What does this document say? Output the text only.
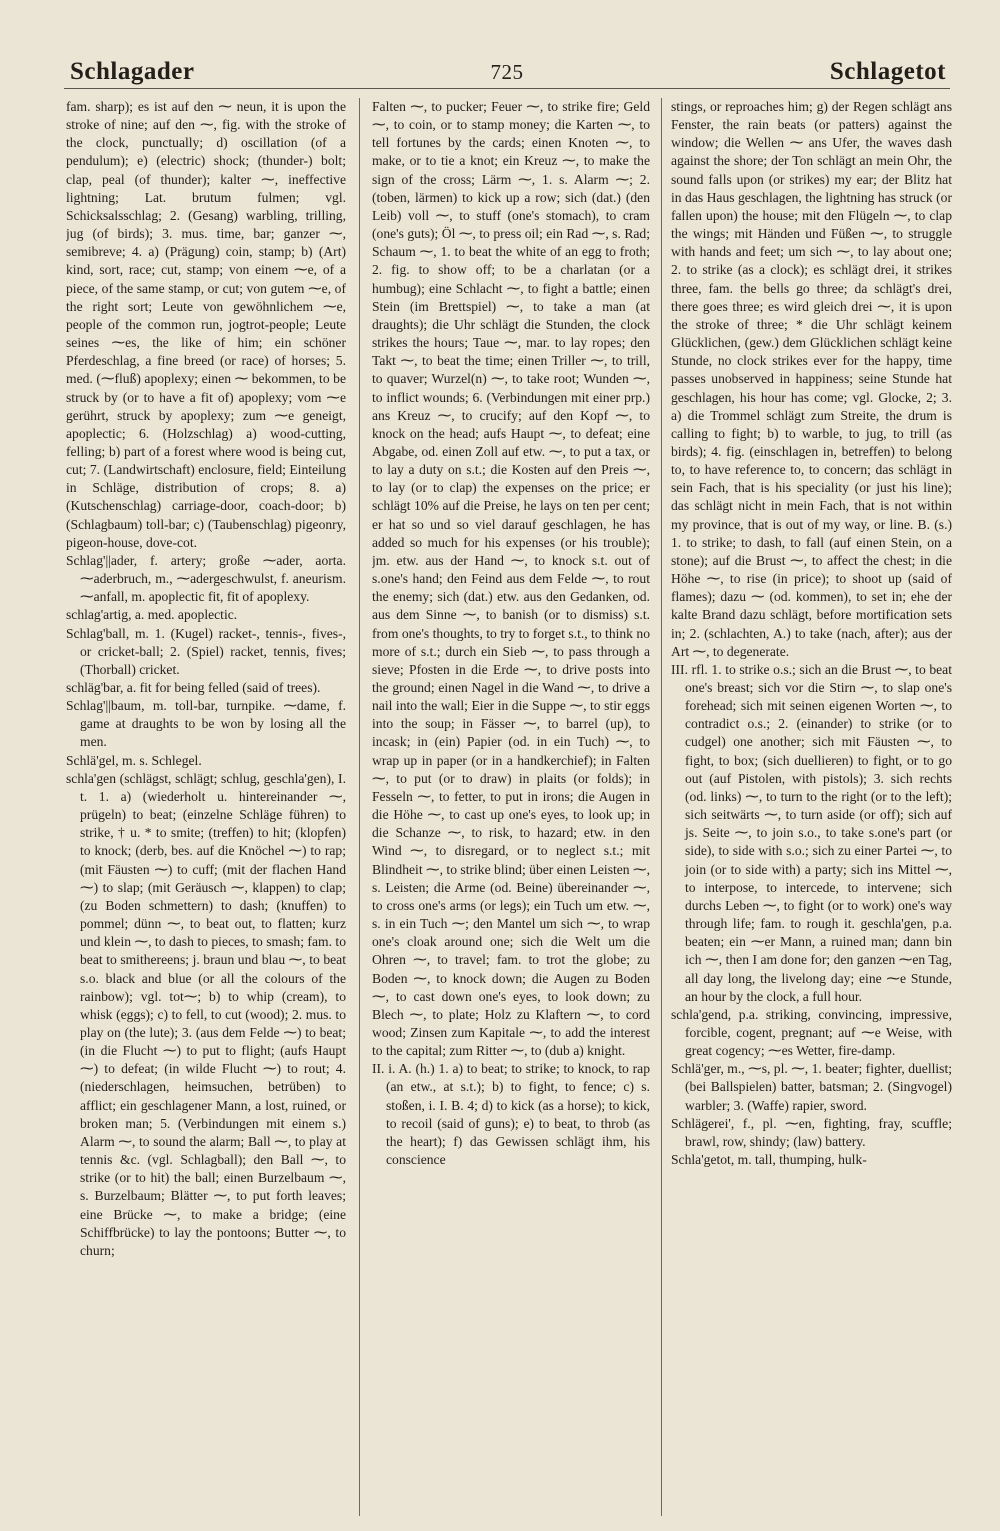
Schlagader	725	Schlagetot

fam. sharp); es ist auf den ⁓ neun, it is upon the stroke of nine; auf den ⁓, fig. with the stroke of the clock, punctually; d) oscillation (of a pendulum); e) (electric) shock; (thunder-) bolt; clap, peal (of thunder); kalter ⁓, ineffective lightning; Lat. brutum fulmen; vgl. Schicksalsschlag; 2. (Gesang) warbling, trilling, jug (of birds); 3. mus. time, bar; ganzer ⁓, semibreve; 4. a) (Prägung) coin, stamp; b) (Art) kind, sort, race; cut, stamp; von einem ⁓e, of a piece, of the same stamp, or cut; von gutem ⁓e, of the right sort; Leute von gewöhnlichem ⁓e, people of the common run, jogtrot-people; Leute seines ⁓es, the like of him; ein schöner Pferdeschlag, a fine breed (or race) of horses; 5. med. (⁓fluß) apoplexy; einen ⁓ bekommen, to be struck by (or to have a fit of) apoplexy; vom ⁓e gerührt, struck by apoplexy; zum ⁓e geneigt, apoplectic; 6. (Holzschlag) a) wood-cutting, felling; b) part of a forest where wood is being cut, cut; 7. (Landwirtschaft) enclosure, field; Einteilung in Schläge, distribution of crops; 8. a) (Kutschenschlag) carriage-door, coach-door; b) (Schlagbaum) toll-bar; c) (Taubenschlag) pigeonry, pigeon-house, dove-cot.

Schlag'||ader, f. artery; große ⁓ader, aorta. ⁓aderbruch, m., ⁓adergeschwulst, f. aneurism. ⁓anfall, m. apoplectic fit, fit of apoplexy.

schlag'artig, a. med. apoplectic.

Schlag'ball, m. 1. (Kugel) racket-, tennis-, fives-, or cricket-ball; 2. (Spiel) racket, tennis, fives; (Thorball) cricket.

schläg'bar, a. fit for being felled (said of trees).

Schlag'||baum, m. toll-bar, turnpike. ⁓dame, f. game at draughts to be won by losing all the men.

Schlä'gel, m. s. Schlegel.

schla'gen (schlägst, schlägt; schlug, geschla'gen), I. t. 1. a) (wiederholt u. hintereinander ⁓, prügeln) to beat; (einzelne Schläge führen) to strike, † u. * to smite; (treffen) to hit; (klopfen) to knock; (derb, bes. auf die Knöchel ⁓) to rap; (mit Fäusten ⁓) to cuff; (mit der flachen Hand ⁓) to slap; (mit Geräusch ⁓, klappen) to clap; (zu Boden schmettern) to dash; (knuffen) to pommel; dünn ⁓, to beat out, to flatten; kurz und klein ⁓, to dash to pieces, to smash; fam. to beat to smithereens; j. braun und blau ⁓, to beat s.o. black and blue (or all the colours of the rainbow); vgl. tot⁓; b) to whip (cream), to whisk (eggs); c) to fell, to cut (wood); 2. mus. to play on (the lute); 3. (aus dem Felde ⁓) to beat; (in die Flucht ⁓) to put to flight; (aufs Haupt ⁓) to defeat; (in wilde Flucht ⁓) to rout; 4. (niederschlagen, heimsuchen, betrüben) to afflict; ein geschlagener Mann, a lost, ruined, or broken man; 5. (Verbindungen mit einem s.) Alarm ⁓, to sound the alarm; Ball ⁓, to play at tennis &c. (vgl. Schlagball); den Ball ⁓, to strike (or to hit) the ball; einen Burzelbaum ⁓, s. Burzelbaum; Blätter ⁓, to put forth leaves; eine Brücke ⁓, to make a bridge; (eine Schiffbrücke) to lay the pontoons; Butter ⁓, to churn;

Falten ⁓, to pucker; Feuer ⁓, to strike fire; Geld ⁓, to coin, or to stamp money; die Karten ⁓, to tell fortunes by the cards; einen Knoten ⁓, to make, or to tie a knot; ein Kreuz ⁓, to make the sign of the cross; Lärm ⁓, 1. s. Alarm ⁓; 2. (toben, lärmen) to kick up a row; sich (dat.) (den Leib) voll ⁓, to stuff (one's stomach), to cram (one's guts); Öl ⁓, to press oil; ein Rad ⁓, s. Rad; Schaum ⁓, 1. to beat the white of an egg to froth; 2. fig. to show off; to be a charlatan (or a humbug); eine Schlacht ⁓, to fight a battle; einen Stein (im Brettspiel) ⁓, to take a man (at draughts); die Uhr schlägt die Stunden, the clock strikes the hours; Taue ⁓, mar. to lay ropes; den Takt ⁓, to beat the time; einen Triller ⁓, to trill, to quaver; Wurzel(n) ⁓, to take root; Wunden ⁓, to inflict wounds; 6. (Verbindungen mit einer prp.) ans Kreuz ⁓, to crucify; auf den Kopf ⁓, to knock on the head; aufs Haupt ⁓, to defeat; eine Abgabe, od. einen Zoll auf etw. ⁓, to put a tax, or to lay a duty on s.t.; die Kosten auf den Preis ⁓, to lay (or to clap) the expenses on the price; er schlägt 10% auf die Preise, he lays on ten per cent; er hat so und so viel darauf geschlagen, he has added so much for his expenses (or his trouble); jm. etw. aus der Hand ⁓, to knock s.t. out of s.one's hand; den Feind aus dem Felde ⁓, to rout the enemy; sich (dat.) etw. aus den Gedanken, od. aus dem Sinne ⁓, to banish (or to dismiss) s.t. from one's thoughts, to try to forget s.t., to think no more of s.t.; durch ein Sieb ⁓, to pass through a sieve; Pfosten in die Erde ⁓, to drive posts into the ground; einen Nagel in die Wand ⁓, to drive a nail into the wall; Eier in die Suppe ⁓, to stir eggs into the soup; in Fässer ⁓, to barrel (up), to incask; in (ein) Papier (od. in ein Tuch) ⁓, to wrap up in paper (or in a handkerchief); in Falten ⁓, to put (or to draw) in plaits (or folds); in Fesseln ⁓, to fetter, to put in irons; die Augen in die Höhe ⁓, to cast up one's eyes, to look up; in die Schanze ⁓, to risk, to hazard; etw. in den Wind ⁓, to disregard, or to neglect s.t.; mit Blindheit ⁓, to strike blind; über einen Leisten ⁓, s. Leisten; die Arme (od. Beine) übereinander ⁓, to cross one's arms (or legs); ein Tuch um etw. ⁓, s. in ein Tuch ⁓; den Mantel um sich ⁓, to wrap one's cloak around one; sich die Welt um die Ohren ⁓, to travel; fam. to trot the globe; zu Boden ⁓, to knock down; die Augen zu Boden ⁓, to cast down one's eyes, to look down; zu Blech ⁓, to plate; Holz zu Klaftern ⁓, to cord wood; Zinsen zum Kapitale ⁓, to add the interest to the capital; zum Ritter ⁓, to (dub a) knight.

II. i. A. (h.) 1. a) to beat; to strike; to knock, to rap (an etw., at s.t.); b) to fight, to fence; c) s. stoßen, i. I. B. 4; d) to kick (as a horse); to kick, to recoil (said of guns); e) to beat, to throb (as the heart); f) das Gewissen schlägt ihm, his conscience

stings, or reproaches him; g) der Regen schlägt ans Fenster, the rain beats (or patters) against the window; die Wellen ⁓ ans Ufer, the waves dash against the shore; der Ton schlägt an mein Ohr, the sound falls upon (or strikes) my ear; der Blitz hat in das Haus geschlagen, the lightning has struck (or fallen upon) the house; mit den Flügeln ⁓, to clap the wings; mit Händen und Füßen ⁓, to struggle with hands and feet; um sich ⁓, to lay about one; 2. to strike (as a clock); es schlägt drei, it strikes three, fam. the bells go three; da schlägt's drei, there goes three; es wird gleich drei ⁓, it is upon the stroke of three; * die Uhr schlägt keinem Glücklichen, (gew.) dem Glücklichen schlägt keine Stunde, no clock strikes ever for the happy, time passes unobserved in happiness; seine Stunde hat geschlagen, his hour has come; vgl. Glocke, 2; 3. a) die Trommel schlägt zum Streite, the drum is calling to fight; b) to warble, to jug, to trill (as birds); 4. fig. (einschlagen in, betreffen) to belong to, to have reference to, to concern; das schlägt in sein Fach, that is his speciality (or just his line); das schlägt nicht in mein Fach, that is not within my province, that is out of my way, or line. B. (s.) 1. to strike; to dash, to fall (auf einen Stein, on a stone); auf die Brust ⁓, to affect the chest; in die Höhe ⁓, to rise (in price); to shoot up (said of flames); dazu ⁓ (od. kommen), to set in; ehe der kalte Brand dazu schlägt, before mortification sets in; 2. (schlachten, A.) to take (nach, after); aus der Art ⁓, to degenerate.

III. rfl. 1. to strike o.s.; sich an die Brust ⁓, to beat one's breast; sich vor die Stirn ⁓, to slap one's forehead; sich mit seinen eigenen Worten ⁓, to contradict o.s.; 2. (einander) to strike (or to cudgel) one another; sich mit Fäusten ⁓, to fight, to box; (sich duellieren) to fight, or to go out (auf Pistolen, with pistols); 3. sich rechts (od. links) ⁓, to turn to the right (or to the left); sich seitwärts ⁓, to turn aside (or off); sich auf js. Seite ⁓, to join s.o., to take s.one's part (or side), to side with s.o.; sich zu einer Partei ⁓, to join (or to side with) a party; sich ins Mittel ⁓, to interpose, to intercede, to intervene; sich durchs Leben ⁓, to fight (or to work) one's way through life; fam. to rough it. geschla'gen, p.a. beaten; ein ⁓er Mann, a ruined man; dann bin ich ⁓, then I am done for; den ganzen ⁓en Tag, all day long, the livelong day; eine ⁓e Stunde, an hour by the clock, a full hour.

schla'gend, p.a. striking, convincing, impressive, forcible, cogent, pregnant; auf ⁓e Weise, with great cogency; ⁓es Wetter, fire-damp.

Schlä'ger, m., ⁓s, pl. ⁓, 1. beater; fighter, duellist; (bei Ballspielen) batter, batsman; 2. (Singvogel) warbler; 3. (Waffe) rapier, sword.

Schlägerei', f., pl. ⁓en, fighting, fray, scuffle; brawl, row, shindy; (law) battery.

Schla'getot, m. tall, thumping, hulk-
